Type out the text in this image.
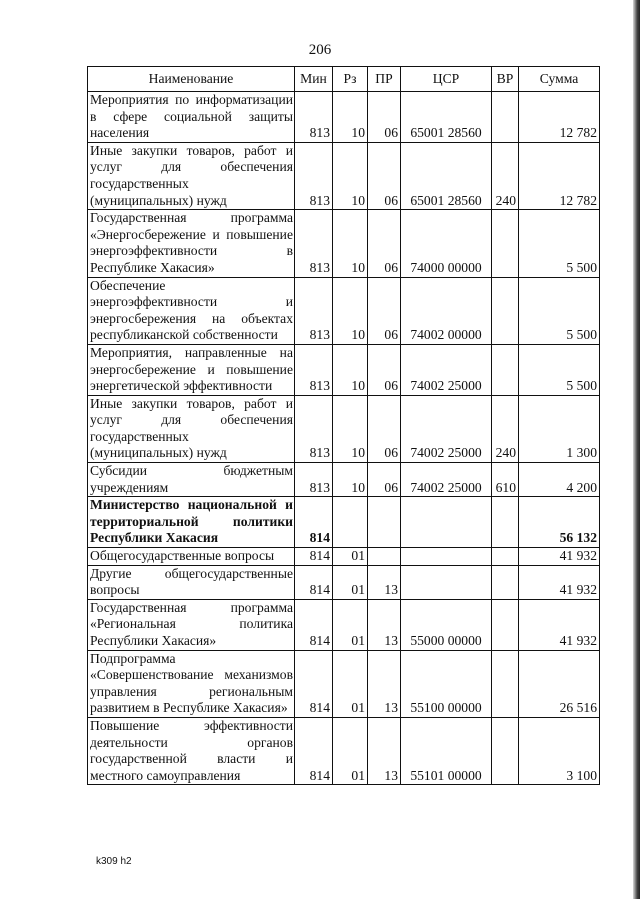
206
Наименование	Мин	Рз	ПР	ЦСР	ВР	Сумма
Мероприятия по информатизации в сфере социальной защиты населения	813	10	06	65001 28560		12 782
Иные закупки товаров, работ и услуг для обеспечения государственных (муниципальных) нужд	813	10	06	65001 28560	240	12 782
Государственная программа «Энергосбережение и повышение энергоэффективности в Республике Хакасия»	813	10	06	74000 00000		5 500
Обеспечение энергоэффективности и энергосбережения на объектах республиканской собственности	813	10	06	74002 00000		5 500
Мероприятия, направленные на энергосбережение и повышение энергетической эффективности	813	10	06	74002 25000		5 500
Иные закупки товаров, работ и услуг для обеспечения государственных (муниципальных) нужд	813	10	06	74002 25000	240	1 300
Субсидии бюджетным учреждениям	813	10	06	74002 25000	610	4 200
Министерство национальной и территориальной политики Республики Хакасия	814					56 132
Общегосударственные вопросы	814	01				41 932
Другие общегосударственные вопросы	814	01	13			41 932
Государственная программа «Региональная политика Республики Хакасия»	814	01	13	55000 00000		41 932
Подпрограмма «Совершенствование механизмов управления региональным развитием в Республике Хакасия»	814	01	13	55100 00000		26 516
Повышение эффективности деятельности органов государственной власти и местного самоуправления	814	01	13	55101 00000		3 100
k309 h2
